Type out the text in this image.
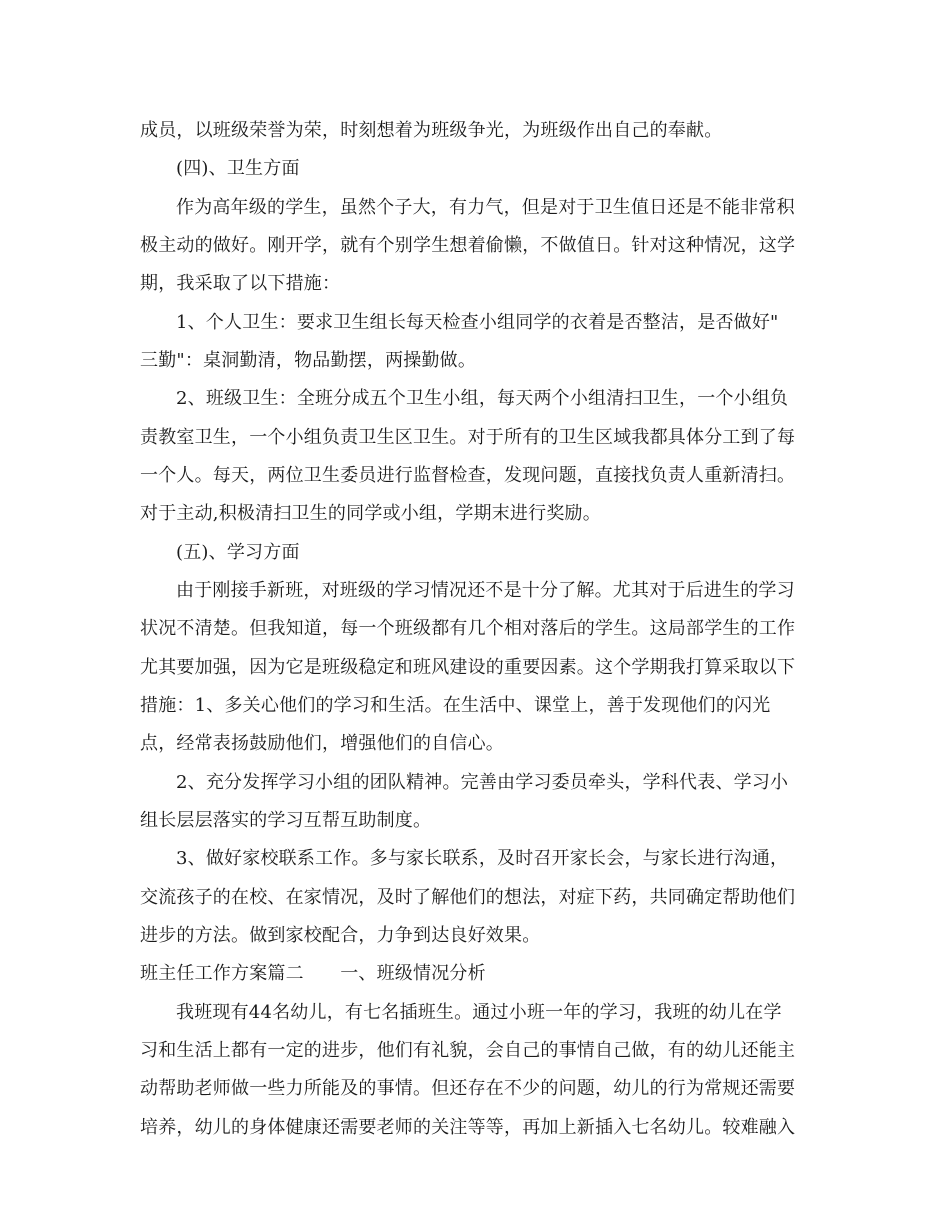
成员，以班级荣誉为荣，时刻想着为班级争光，为班级作出自己的奉献。
(四)、卫生方面
作为高年级的学生，虽然个子大，有力气，但是对于卫生值日还是不能非常积
极主动的做好。刚开学，就有个别学生想着偷懒，不做值日。针对这种情况，这学
期，我采取了以下措施：
1、个人卫生：要求卫生组长每天检查小组同学的衣着是否整洁，是否做好"
三勤"：桌洞勤清，物品勤摆，两操勤做。
2、班级卫生：全班分成五个卫生小组，每天两个小组清扫卫生，一个小组负
责教室卫生，一个小组负责卫生区卫生。对于所有的卫生区域我都具体分工到了每
一个人。每天，两位卫生委员进行监督检查，发现问题，直接找负责人重新清扫。
对于主动,积极清扫卫生的同学或小组，学期末进行奖励。
(五)、学习方面
由于刚接手新班，对班级的学习情况还不是十分了解。尤其对于后进生的学习
状况不清楚。但我知道，每一个班级都有几个相对落后的学生。这局部学生的工作
尤其要加强，因为它是班级稳定和班风建设的重要因素。这个学期我打算采取以下
措施：1、多关心他们的学习和生活。在生活中、课堂上，善于发现他们的闪光
点，经常表扬鼓励他们，增强他们的自信心。
2、充分发挥学习小组的团队精神。完善由学习委员牵头，学科代表、学习小
组长层层落实的学习互帮互助制度。
3、做好家校联系工作。多与家长联系，及时召开家长会，与家长进行沟通，
交流孩子的在校、在家情况，及时了解他们的想法，对症下药，共同确定帮助他们
进步的方法。做到家校配合，力争到达良好效果。
班主任工作方案篇二　　一、班级情况分析
我班现有44名幼儿，有七名插班生。通过小班一年的学习，我班的幼儿在学
习和生活上都有一定的进步，他们有礼貌，会自己的事情自己做，有的幼儿还能主
动帮助老师做一些力所能及的事情。但还存在不少的问题，幼儿的行为常规还需要
培养，幼儿的身体健康还需要老师的关注等等，再加上新插入七名幼儿。较难融入
